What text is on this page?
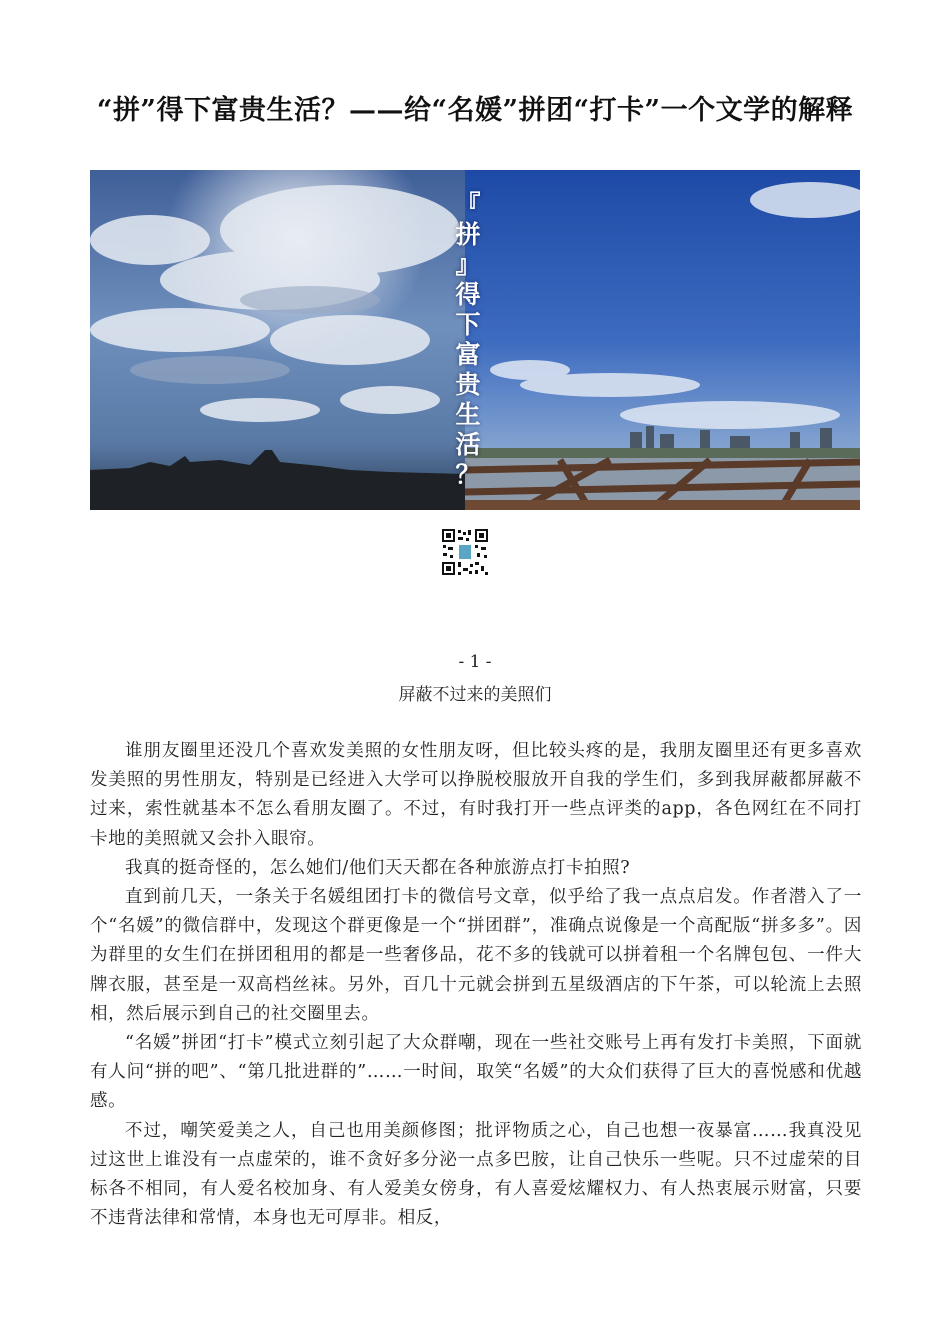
“拼”得下富贵生活？——给“名媛”拼团“打卡”一个文学的解释
『
拼
』
得
下
富
贵
生
活
？
- 1 -
屏蔽不过来的美照们

谁朋友圈里还没几个喜欢发美照的女性朋友呀，但比较头疼的是，我朋友圈里还有更多喜欢发美照的男性朋友，特别是已经进入大学可以挣脱校服放开自我的学生们，多到我屏蔽都屏蔽不过来，索性就基本不怎么看朋友圈了。不过，有时我打开一些点评类的app，各色网红在不同打卡地的美照就又会扑入眼帘。

我真的挺奇怪的，怎么她们/他们天天都在各种旅游点打卡拍照?

直到前几天，一条关于名媛组团打卡的微信号文章，似乎给了我一点点启发。作者潜入了一个“名媛”的微信群中，发现这个群更像是一个“拼团群”，准确点说像是一个高配版“拼多多”。因为群里的女生们在拼团租用的都是一些奢侈品，花不多的钱就可以拼着租一个名牌包包、一件大牌衣服，甚至是一双高档丝袜。另外，百几十元就会拼到五星级酒店的下午茶，可以轮流上去照相，然后展示到自己的社交圈里去。

“名媛”拼团“打卡”模式立刻引起了大众群嘲，现在一些社交账号上再有发打卡美照，下面就有人问“拼的吧”、“第几批进群的”……一时间，取笑“名媛”的大众们获得了巨大的喜悦感和优越感。

不过，嘲笑爱美之人，自己也用美颜修图；批评物质之心，自己也想一夜暴富……我真没见过这世上谁没有一点虚荣的，谁不贪好多分泌一点多巴胺，让自己快乐一些呢。只不过虚荣的目标各不相同，有人爱名校加身、有人爱美女傍身，有人喜爱炫耀权力、有人热衷展示财富，只要不违背法律和常情，本身也无可厚非。相反，
